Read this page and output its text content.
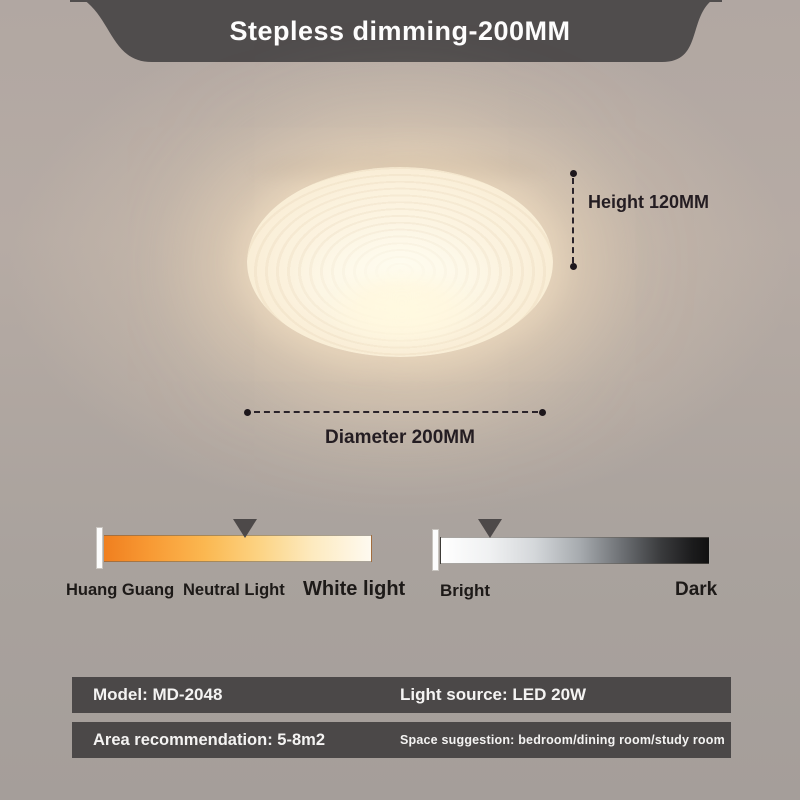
Stepless dimming-200MM
Height 120MM
Diameter 200MM
Huang Guang Neutral Light White light Bright	Dark
Model: MD-2048	Light source: LED 20W
Area recommendation: 5-8m2	Space suggestion: bedroom/dining room/study room
